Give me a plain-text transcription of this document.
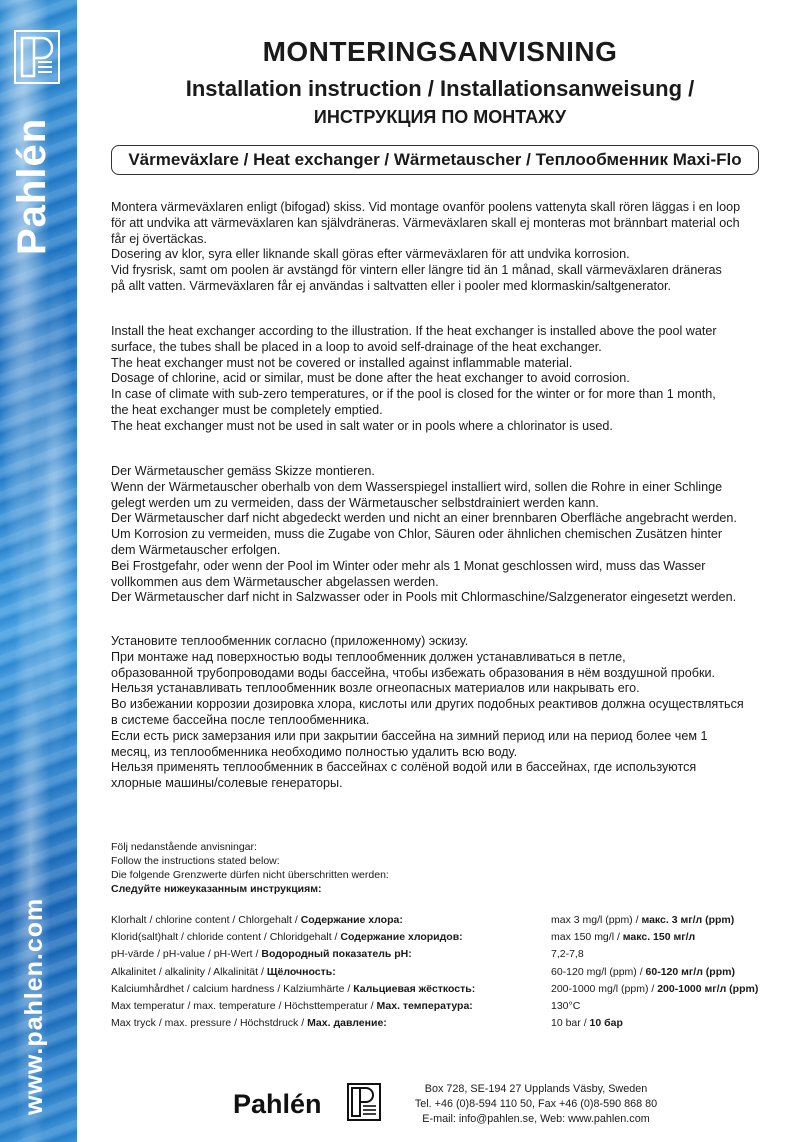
Pahlén
www.pahlen.com
MONTERINGSANVISNING
Installation instruction / Installationsanweisung /
ИНСТРУКЦИЯ ПО МОНТАЖУ
Värmeväxlare / Heat exchanger / Wärmetauscher / Теплообменник Maxi-Flo
Montera värmeväxlaren enligt (bifogad) skiss. Vid montage ovanför poolens vattenyta skall rören läggas i en loop
för att undvika att värmeväxlaren kan självdräneras. Värmeväxlaren skall ej monteras mot brännbart material och
får ej övertäckas.
Dosering av klor, syra eller liknande skall göras efter värmeväxlaren för att undvika korrosion.
Vid frysrisk, samt om poolen är avstängd för vintern eller längre tid än 1 månad, skall värmeväxlaren dräneras
på allt vatten. Värmeväxlaren får ej användas i saltvatten eller i pooler med klormaskin/saltgenerator.
Install the heat exchanger according to the illustration. If the heat exchanger is installed above the pool water
surface, the tubes shall be placed in a loop to avoid self-drainage of the heat exchanger.
The heat exchanger must not be covered or installed against inflammable material.
Dosage of chlorine, acid or similar, must be done after the heat exchanger to avoid corrosion.
In case of climate with sub-zero temperatures, or if the pool is closed for the winter or for more than 1 month,
the heat exchanger must be completely emptied.
The heat exchanger must not be used in salt water or in pools where a chlorinator is used.
Der Wärmetauscher gemäss Skizze montieren.
Wenn der Wärmetauscher oberhalb von dem Wasserspiegel installiert wird, sollen die Rohre in einer Schlinge
gelegt werden um zu vermeiden, dass der Wärmetauscher selbstdrainiert werden kann.
Der Wärmetauscher darf nicht abgedeckt werden und nicht an einer brennbaren Oberfläche angebracht werden.
Um Korrosion zu vermeiden, muss die Zugabe von Chlor, Säuren oder ähnlichen chemischen Zusätzen hinter
dem Wärmetauscher erfolgen.
Bei Frostgefahr, oder wenn der Pool im Winter oder mehr als 1 Monat geschlossen wird, muss das Wasser
vollkommen aus dem Wärmetauscher abgelassen werden.
Der Wärmetauscher darf nicht in Salzwasser oder in Pools mit Chlormaschine/Salzgenerator eingesetzt werden.
Установите теплообменник согласно (приложенному) эскизу.
При монтаже над поверхностью воды теплообменник должен устанавливаться в петле,
образованной трубопроводами воды бассейна, чтобы избежать образования в нём воздушной пробки.
Нельзя устанавливать теплообменник возле огнеопасных материалов или накрывать его.
Во избежании коррозии дозировка хлора, кислоты или других подобных реактивов должна осуществляться
в системе бассейна после теплообменника.
Если есть риск замерзания или при закрытии бассейна на зимний период или на период более чем 1
месяц, из теплообменника необходимо полностью удалить всю воду.
Нельзя применять теплообменник в бассейнах с солёной водой или в бассейнах, где используются
хлорные машины/солевые генераторы.
Följ nedanstående anvisningar:
Follow the instructions stated below:
Die folgende Grenzwerte dürfen nicht überschritten werden:
Следуйте нижеуказанным инструкциям:
Klorhalt / chlorine content / Chlorgehalt / Содержание хлора:	max 3 mg/l (ppm) / макс. 3 мг/л (ppm)
Klorid(salt)halt / chloride content / Chloridgehalt / Содержание хлоридов:	max 150 mg/l / макс. 150 мг/л
pH-värde / pH-value / pH-Wert / Водородный показатель pH:	7,2-7,8
Alkalinitet / alkalinity / Alkalinität / Щёлочность:	60-120 mg/l (ppm) / 60-120 мг/л (ppm)
Kalciumhårdhet / calcium hardness / Kalziumhärte / Кальциевая жёсткость:	200-1000 mg/l (ppm) / 200-1000 мг/л (ppm)
Max temperatur / max. temperature / Höchsttemperatur / Мах. температура:	130°C
Max tryck / max. pressure / Höchstdruck / Мах. давление:	10 bar / 10 бар
Pahlén	Box 728, SE-194 27 Upplands Väsby, Sweden
Tel. +46 (0)8-594 110 50, Fax +46 (0)8-590 868 80
E-mail: info@pahlen.se, Web: www.pahlen.com
